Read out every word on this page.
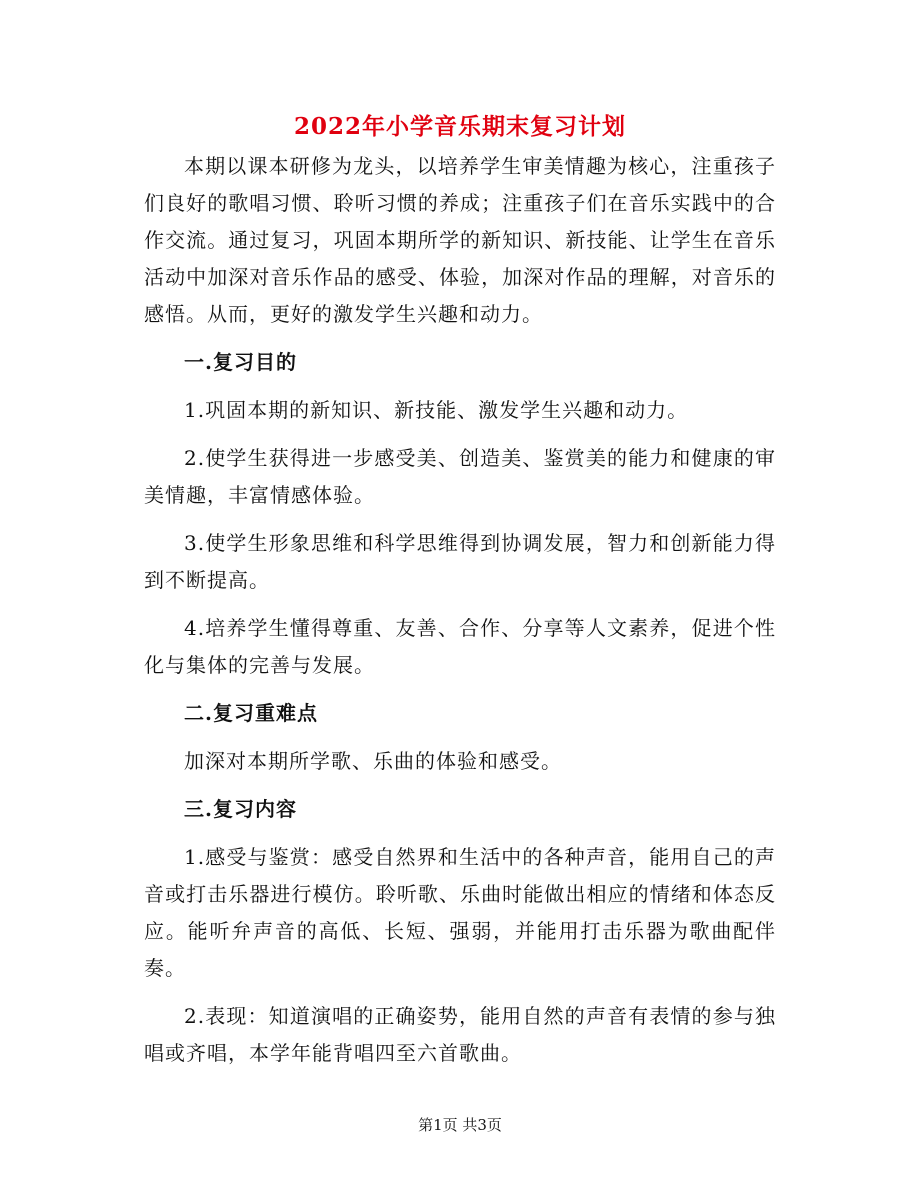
2022年小学音乐期末复习计划

本期以课本研修为龙头，以培养学生审美情趣为核心，注重孩子们良好的歌唱习惯、聆听习惯的养成；注重孩子们在音乐实践中的合作交流。通过复习，巩固本期所学的新知识、新技能、让学生在音乐活动中加深对音乐作品的感受、体验，加深对作品的理解，对音乐的感悟。从而，更好的激发学生兴趣和动力。

一.复习目的

1.巩固本期的新知识、新技能、激发学生兴趣和动力。

2.使学生获得进一步感受美、创造美、鉴赏美的能力和健康的审美情趣，丰富情感体验。

3.使学生形象思维和科学思维得到协调发展，智力和创新能力得到不断提高。

4.培养学生懂得尊重、友善、合作、分享等人文素养，促进个性化与集体的完善与发展。

二.复习重难点

加深对本期所学歌、乐曲的体验和感受。

三.复习内容

1.感受与鉴赏：感受自然界和生活中的各种声音，能用自己的声音或打击乐器进行模仿。聆听歌、乐曲时能做出相应的情绪和体态反应。能听弁声音的高低、长短、强弱，并能用打击乐器为歌曲配伴奏。

2.表现：知道演唱的正确姿势，能用自然的声音有表情的参与独唱或齐唱，本学年能背唱四至六首歌曲。

第1页 共3页
